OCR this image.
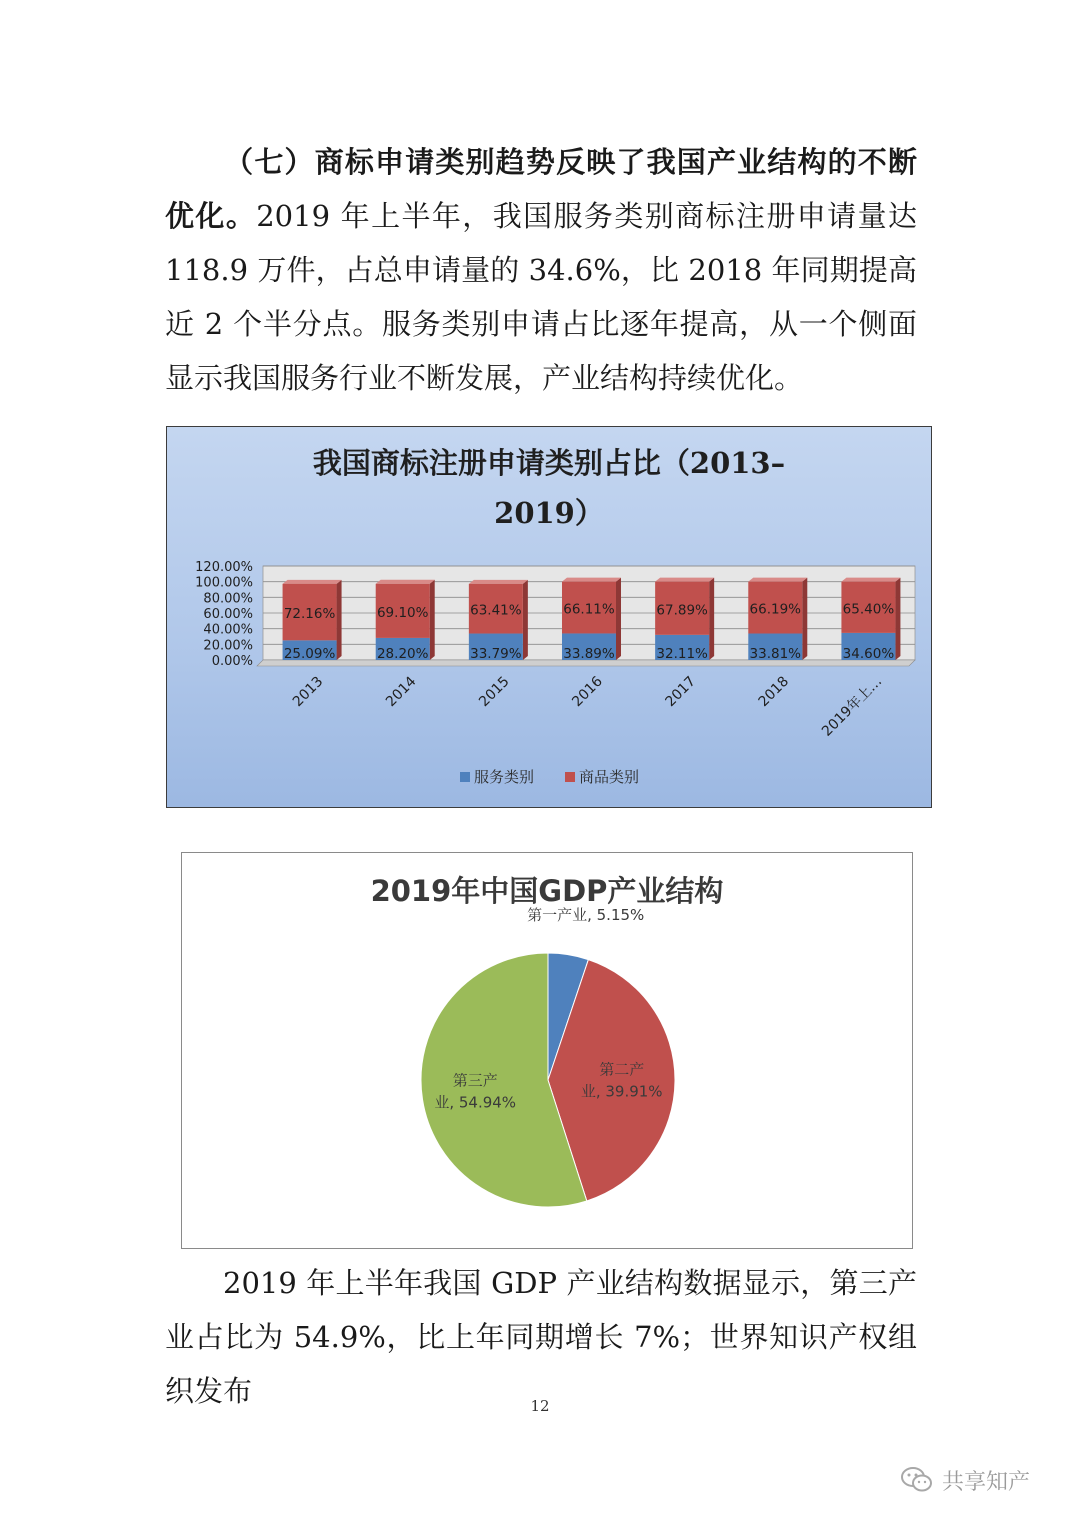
（七）商标申请类别趋势反映了我国产业结构的不断优化。2019 年上半年，我国服务类别商标注册申请量达 118.9 万件，占总申请量的 34.6%，比 2018 年同期提高近 2 个半分点。服务类别申请占比逐年提高，从一个侧面显示我国服务行业不断发展，产业结构持续优化。
我国商标注册申请类别占比（2013–
2019）
0.00%
20.00%
40.00%
60.00%
80.00%
100.00%
120.00%
25.09%
72.16%
2013
28.20%
69.10%
2014
33.79%
63.41%
2015
33.89%
66.11%
2016
32.11%
67.89%
2017
33.81%
66.19%
2018
34.60%
65.40%
2019年上…
服务类别	商品类别
2019年中国GDP产业结构
第一产业, 5.15%
第二产
业, 39.91%
第三产
业, 54.94%
2019 年上半年我国 GDP 产业结构数据显示，第三产业占比为 54.9%，比上年同期增长 7%；世界知识产权组织发布	12
共享知产
